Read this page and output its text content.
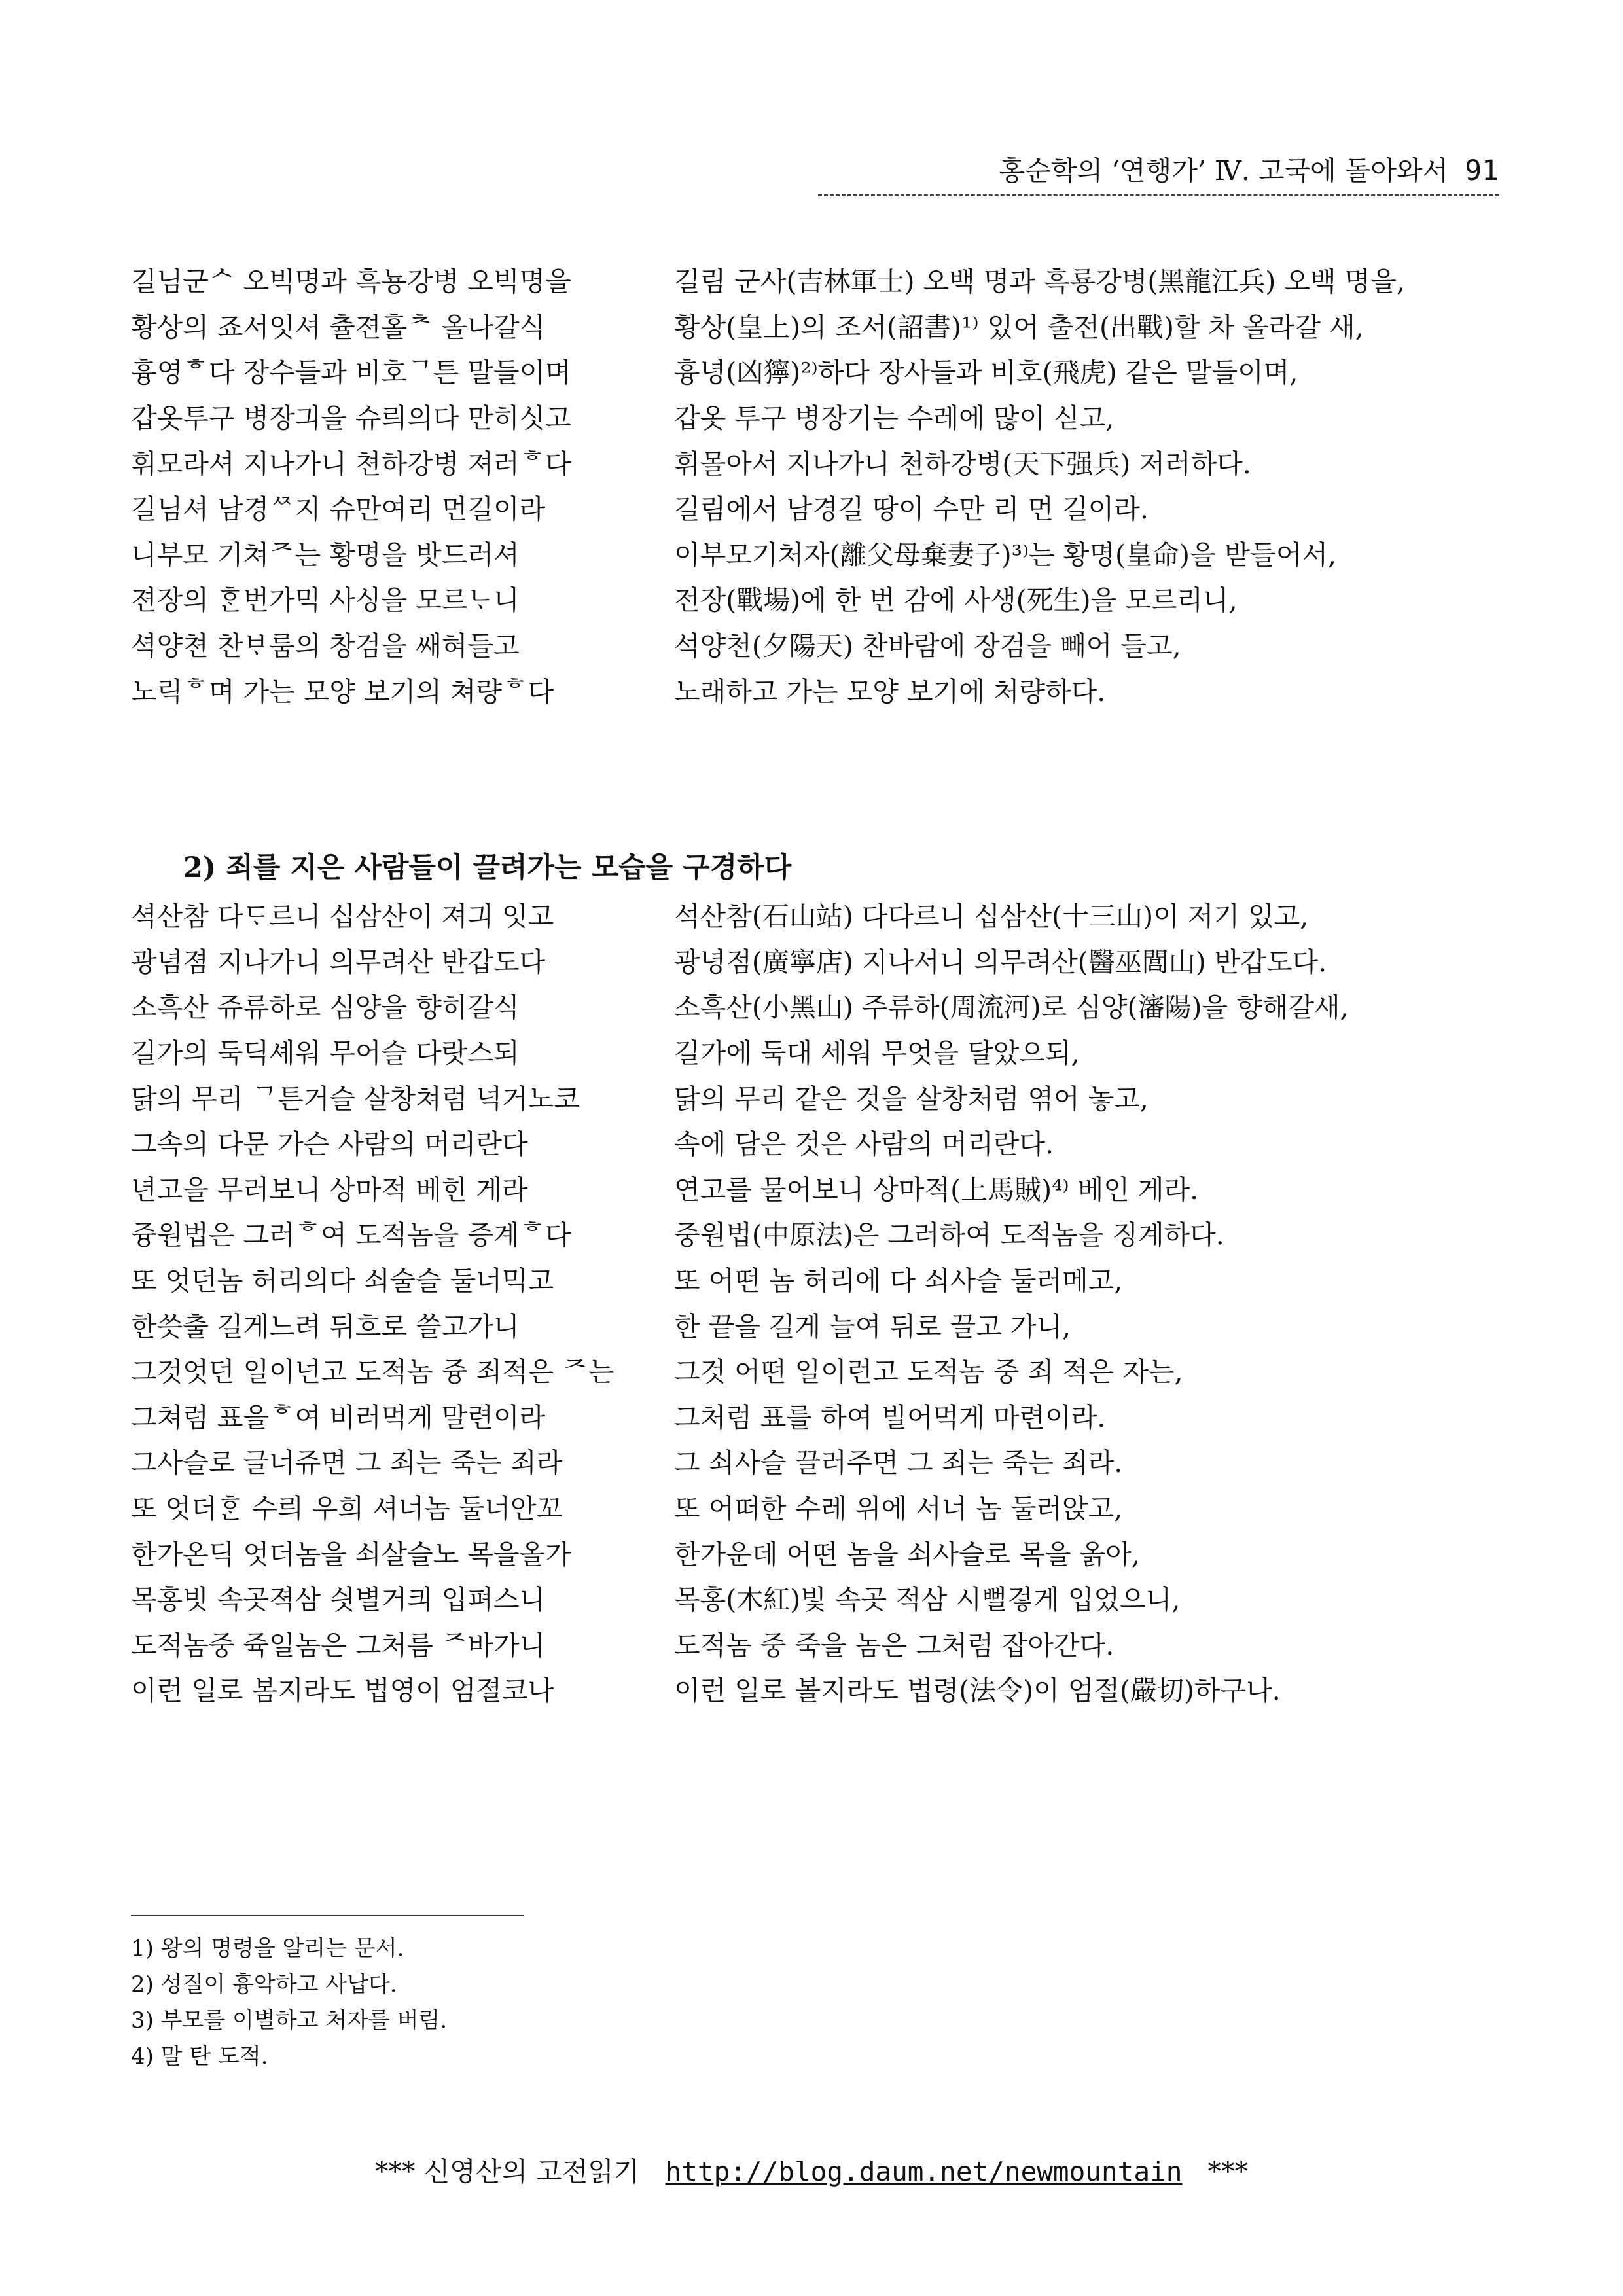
홍순학의 ‘연행가’ Ⅳ. 고국에 돌아와서 91
길님군ᄉ 오빅명과 흑뇽강병 오빅명을	길림 군사(吉林軍士) 오백 명과 흑룡강병(黑龍江兵) 오백 명을,
황상의 죠서잇셔 츌젼홀ᄎ 올나갈식	황상(皇上)의 조서(詔書)¹⁾ 있어 출전(出戰)할 차 올라갈 새,
흉영ᄒ다 장수들과 비호ᄀ튼 말들이며	흉녕(凶獰)²⁾하다 장사들과 비호(飛虎) 같은 말들이며,
갑옷투구 병장긔을 슈릐의다 만히싯고	갑옷 투구 병장기는 수레에 많이 싣고,
휘모라셔 지나가니 쳔하강병 져러ᄒ다	휘몰아서 지나가니 천하강병(天下强兵) 저러하다.
길님셔 남경ᄶ지 슈만여리 먼길이라	길림에서 남경길 땅이 수만 리 먼 길이라.
니부모 기쳐ᄌ는 황명을 밧드러셔	이부모기처자(離父母棄妻子)³⁾는 황명(皇命)을 받들어서,
젼장의 ᄒᆞᆫ번가믹 사싱을 모르ᄂᆞ니	전장(戰場)에 한 번 감에 사생(死生)을 모르리니,
셕양쳔 찬ᄇᆞ룸의 창검을 쌔혀들고	석양천(夕陽天) 찬바람에 장검을 빼어 들고,
노릭ᄒ며 가는 모양 보기의 쳐량ᄒ다	노래하고 가는 모양 보기에 처량하다.
2) 죄를 지은 사람들이 끌려가는 모습을 구경하다
셕산참 다ᄃᆞ르니 십삼산이 져긔 잇고	석산참(石山站) 다다르니 십삼산(十三山)이 저기 있고,
광념졈 지나가니 의무려산 반갑도다	광녕점(廣寧店) 지나서니 의무려산(醫巫閭山) 반갑도다.
소흑산 쥬류하로 심양을 향히갈식	소흑산(小黑山) 주류하(周流河)로 심양(瀋陽)을 향해갈새,
길가의 둑딕셰워 무어슬 다랏스되	길가에 둑대 세워 무엇을 달았으되,
닭의 무리 ᄀ튼거슬 살창쳐럼 넉거노코	닭의 무리 같은 것을 살창처럼 엮어 놓고,
그속의 다문 가슨 사람의 머리란다	속에 담은 것은 사람의 머리란다.
년고을 무러보니 상마적 베힌 게라	연고를 물어보니 상마적(上馬賊)⁴⁾ 베인 게라.
즁원법은 그러ᄒ여 도적놈을 증계ᄒ다	중원법(中原法)은 그러하여 도적놈을 징계하다.
또 엇던놈 허리의다 쇠술슬 둘너믹고	또 어떤 놈 허리에 다 쇠사슬 둘러메고,
한씃출 길게느려 뒤흐로 쓸고가니	한 끝을 길게 늘여 뒤로 끌고 가니,
그것엇던 일이넌고 도적놈 즁 죄적은 ᄌ는	그것 어떤 일이런고 도적놈 중 죄 적은 자는,
그쳐럼 표을ᄒ여 비러먹게 말련이라	그처럼 표를 하여 빌어먹게 마련이라.
그사슬로 글너쥬면 그 죄는 죽는 죄라	그 쇠사슬 끌러주면 그 죄는 죽는 죄라.
또 엇더ᄒᆞᆫ 수릐 우희 셔너놈 둘너안꼬	또 어떠한 수레 위에 서너 놈 둘러앉고,
한가온딕 엇더놈을 쇠살슬노 목을올가	한가운데 어떤 놈을 쇠사슬로 목을 옭아,
목홍빗 속곳젹삼 싓별거킈 입펴스니	목홍(木紅)빛 속곳 적삼 시뻘겋게 입었으니,
도적놈중 쥭일놈은 그처름 ᄌ바가니	도적놈 중 죽을 놈은 그처럼 잡아간다.
이런 일로 봄지라도 법영이 엄졀코나	이런 일로 볼지라도 법령(法令)이 엄절(嚴切)하구나.
1) 왕의 명령을 알리는 문서.
2) 성질이 흉악하고 사납다.
3) 부모를 이별하고 처자를 버림.
4) 말 탄 도적.
*** 신영산의 고전읽기 http://blog.daum.net/newmountain ***
